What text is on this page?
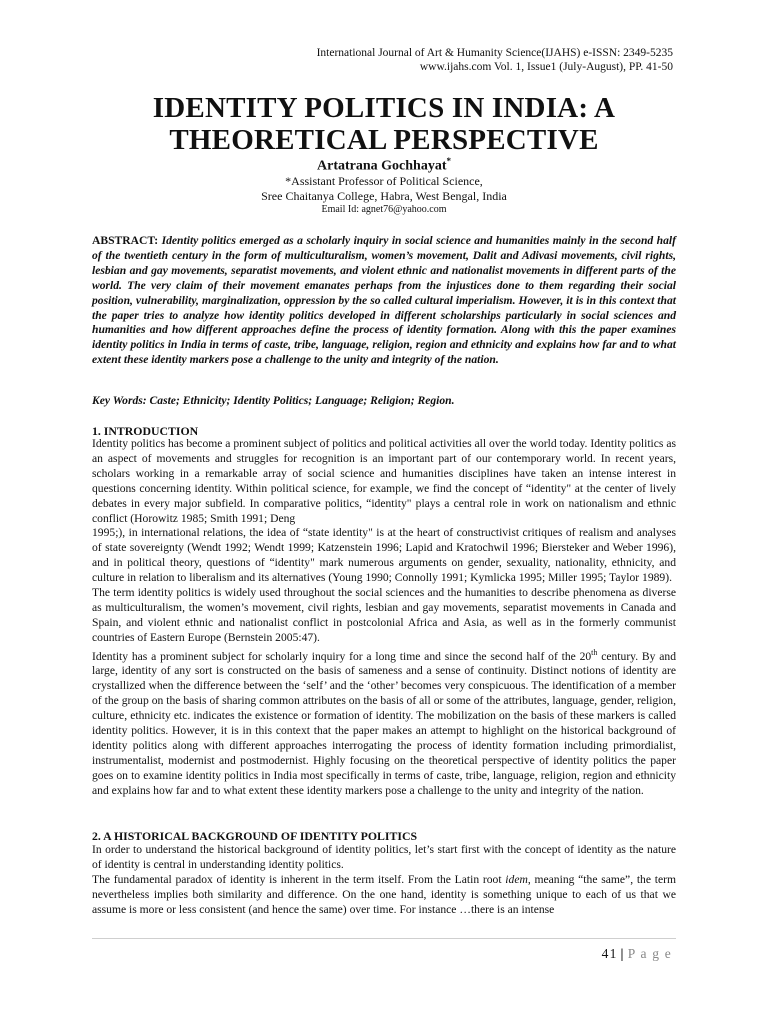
International Journal of Art & Humanity Science(IJAHS) e-ISSN: 2349-5235
www.ijahs.com Vol. 1, Issue1 (July-August), PP. 41-50
IDENTITY POLITICS IN INDIA: A
THEORETICAL PERSPECTIVE
Artatrana Gochhayat*
*Assistant Professor of Political Science,
Sree Chaitanya College, Habra, West Bengal, India
Email Id: agnet76@yahoo.com
ABSTRACT: Identity politics emerged as a scholarly inquiry in social science and humanities mainly in the second half of the twentieth century in the form of multiculturalism, women’s movement, Dalit and Adivasi movements, civil rights, lesbian and gay movements, separatist movements, and violent ethnic and nationalist movements in different parts of the world. The very claim of their movement emanates perhaps from the injustices done to them regarding their social position, vulnerability, marginalization, oppression by the so called cultural imperialism. However, it is in this context that the paper tries to analyze how identity politics developed in different scholarships particularly in social sciences and humanities and how different approaches define the process of identity formation. Along with this the paper examines identity politics in India in terms of caste, tribe, language, religion, region and ethnicity and explains how far and to what extent these identity markers pose a challenge to the unity and integrity of the nation.
Key Words: Caste; Ethnicity; Identity Politics; Language; Religion; Region.
1. INTRODUCTION

Identity politics has become a prominent subject of politics and political activities all over the world today. Identity politics as an aspect of movements and struggles for recognition is an important part of our contemporary world. In recent years, scholars working in a remarkable array of social science and humanities disciplines have taken an intense interest in questions concerning identity. Within political science, for example, we find the concept of “identity" at the center of lively debates in every major subfield. In comparative politics, “identity" plays a central role in work on nationalism and ethnic conflict (Horowitz 1985; Smith 1991; Deng

1995;), in international relations, the idea of “state identity" is at the heart of constructivist critiques of realism and analyses of state sovereignty (Wendt 1992; Wendt 1999; Katzenstein 1996; Lapid and Kratochwil 1996; Biersteker and Weber 1996), and in political theory, questions of “identity" mark numerous arguments on gender, sexuality, nationality, ethnicity, and culture in relation to liberalism and its alternatives (Young 1990; Connolly 1991; Kymlicka 1995; Miller 1995; Taylor 1989).

The term identity politics is widely used throughout the social sciences and the humanities to describe phenomena as diverse as multiculturalism, the women’s movement, civil rights, lesbian and gay movements, separatist movements in Canada and Spain, and violent ethnic and nationalist conflict in postcolonial Africa and Asia, as well as in the formerly communist countries of Eastern Europe (Bernstein 2005:47).

Identity has a prominent subject for scholarly inquiry for a long time and since the second half of the 20th century. By and large, identity of any sort is constructed on the basis of sameness and a sense of continuity. Distinct notions of identity are crystallized when the difference between the ‘self’ and the ‘other’ becomes very conspicuous. The identification of a member of the group on the basis of sharing common attributes on the basis of all or some of the attributes, language, gender, religion, culture, ethnicity etc. indicates the existence or formation of identity. The mobilization on the basis of these markers is called identity politics. However, it is in this context that the paper makes an attempt to highlight on the historical background of identity politics along with different approaches interrogating the process of identity formation including primordialist, instrumentalist, modernist and postmodernist. Highly focusing on the theoretical perspective of identity politics the paper goes on to examine identity politics in India most specifically in terms of caste, tribe, language, religion, region and ethnicity and explains how far and to what extent these identity markers pose a challenge to the unity and integrity of the nation.

2. A HISTORICAL BACKGROUND OF IDENTITY POLITICS

In order to understand the historical background of identity politics, let’s start first with the concept of identity as the nature of identity is central in understanding identity politics.

The fundamental paradox of identity is inherent in the term itself. From the Latin root idem, meaning “the same”, the term nevertheless implies both similarity and difference. On the one hand, identity is something unique to each of us that we assume is more or less consistent (and hence the same) over time. For instance …there is an intense

41 | P a g e
